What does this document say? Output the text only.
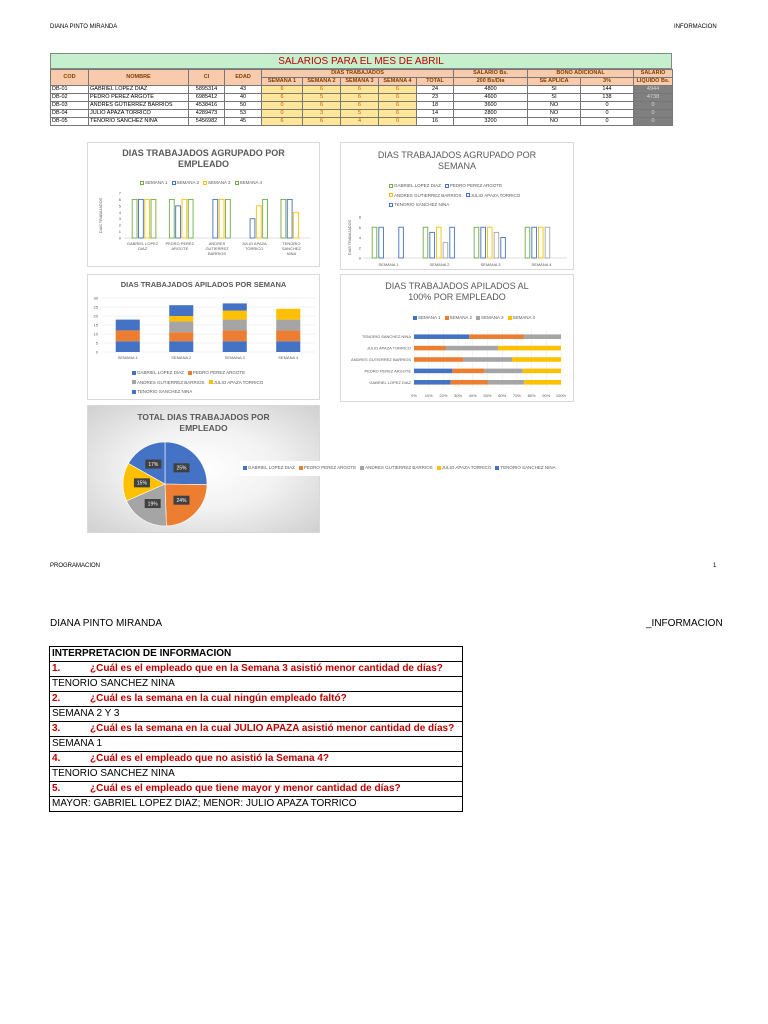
DIANA PINTO MIRANDA	INFORMACION
SALARIOS PARA EL MES DE ABRIL
COD	NOMBRE	CI	EDAD	DIAS TRABAJADOS					SALARIO Bs.	BONO ADICIONAL		SALARIO
				SEMANA 1	SEMANA 2	SEMANA 3	SEMANA 4	TOTAL	200 Bs/Dia	SE APLICA	3%	LIQUIDO Bs.
DB-01	GABRIEL LOPEZ DIAZ	5895314	43	6	6	6	6	24	4800	SI	144	4944
DB-02	PEDRO PEREZ ARGOTE	6985412	40	6	5	6	6	23	4600	SI	138	4738
DB-03	ANDRES GUTIERREZ BARRIOS	4538416	50	0	6	6	6	18	3600	NO	0	0
DB-04	JULIO APAZA TORRICO	4289473	53	0	3	5	6	14	2800	NO	0	0
DB-05	TENORIO SANCHEZ NINA	5456982	45	6	6	4	0	16	3200	NO	0	0
DIAS TRABAJADOS AGRUPADO POR EMPLEADO
SEMANA 1 SEMANA 2 SEMANA 3 SEMANA 4
0
1
2
3
4
5
6
7
DIAS TRABAJADOS
GABRIEL LOPEZ
DIAZ
PEDRO PEREZ
ARGOTE
ANDRES
GUTIERREZ
BARRIOS
JULIO APAZA
TORRICO
TENORIO
SANCHEZ
NINA
DIAS TRABAJADOS AGRUPADO POR SEMANA
GABRIEL LOPEZ DIAZ PEDRO PEREZ ARGOTE
ANDRES GUTIERREZ BARRIOS JULIO APAZA TORRICO
TENORIO SANCHEZ NINA
0
2
4
6
8
DIAS TRABAJADOS
SEMANA 1	SEMANA 2	SEMANA 3	SEMANA 4
DIAS TRABAJADOS APILADOS POR SEMANA
GABRIEL LOPEZ DIAZ PEDRO PEREZ ARGOTE
ANDRES GUTIERREZ BARRIOS JULIO APAZA TORRICO
TENORIO SANCHEZ NINA
0
5
10
15
20
25
30
SEMANA 1	SEMANA 2	SEMANA 3	SEMANA 4
DIAS TRABAJADOS APILADOS AL 100% POR EMPLEADO
SEMANA 1 SEMANA 2 SEMANA 3 SEMANA 4
0% 10% 20% 30% 40% 50% 60% 70% 80% 90% 100%
TENORIO SANCHEZ NINA
JULIO APAZA TORRICO
ANDRES GUTIERREZ BARRIOS
PEDRO PEREZ ARGOTE
GABRIEL LOPEZ DIAZ
TOTAL DIAS TRABAJADOS POR EMPLEADO
GABRIEL LOPEZ DIAZ PEDRO PEREZ ARGOTE ANDRES GUTIERREZ BARRIOS JULIO APAZA TORRICO TENORIO SANCHEZ NINA
25%
24%
19%
15%
17%
PROGRAMACION	1
DIANA PINTO MIRANDA	_INFORMACION
INTERPRETACION DE INFORMACION
1.	¿Cuál es el empleado que en la Semana 3 asistió menor cantidad de días?
TENORIO SANCHEZ NINA
2.	¿Cuál es la semana en la cual ningún empleado faltó?
SEMANA 2 Y 3
3.	¿Cuál es la semana en la cual JULIO APAZA asistió menor cantidad de días?
SEMANA 1
4.	¿Cuál es el empleado que no asistió la Semana 4?
TENORIO SANCHEZ NINA
5.	¿Cuál es el empleado que tiene mayor y menor cantidad de días?
MAYOR: GABRIEL LOPEZ DIAZ; MENOR: JULIO APAZA TORRICO
